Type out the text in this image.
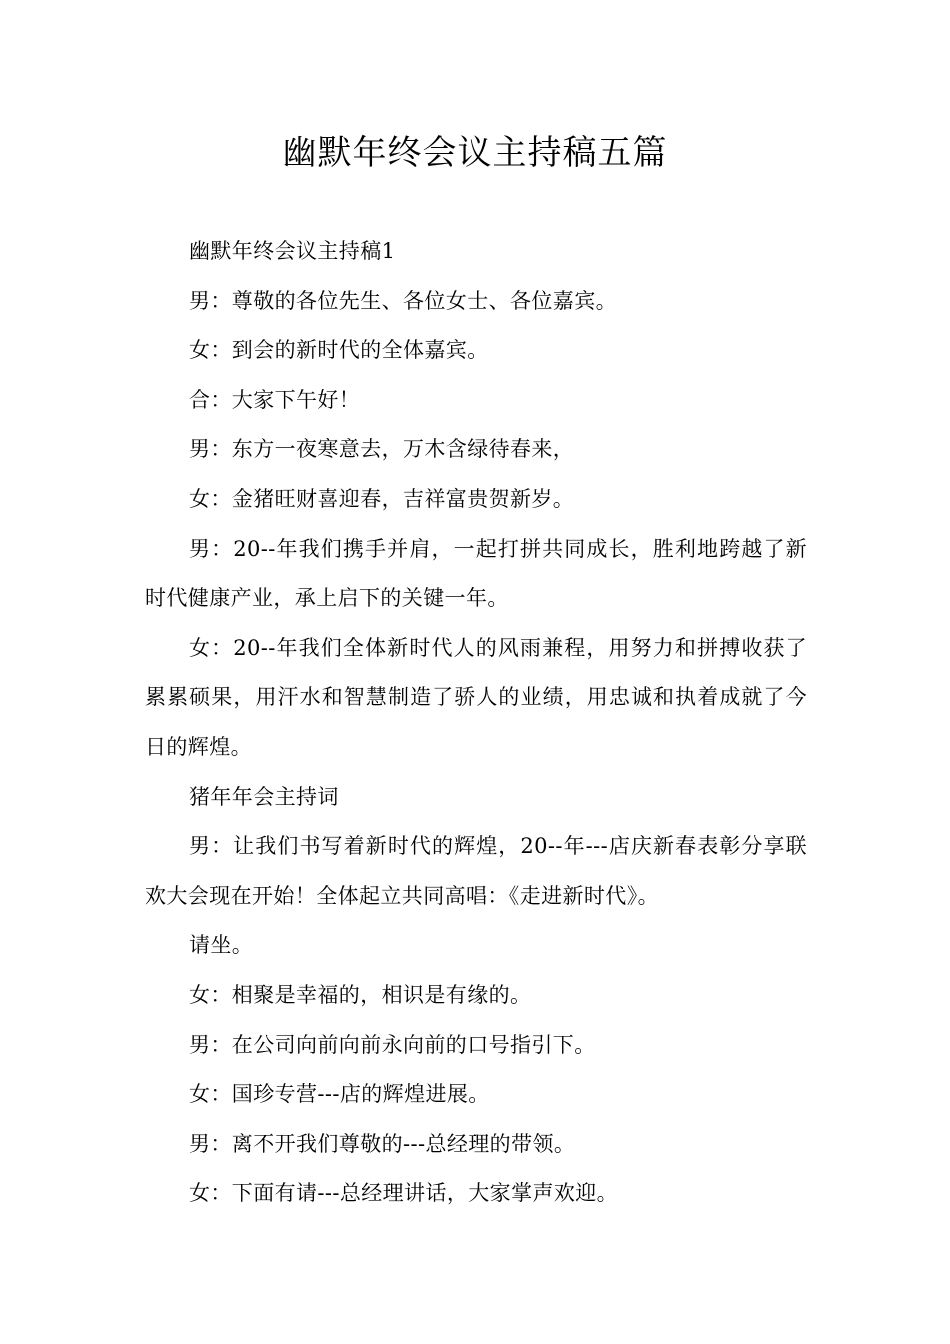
幽默年终会议主持稿五篇

幽默年终会议主持稿1

男：尊敬的各位先生、各位女士、各位嘉宾。

女：到会的新时代的全体嘉宾。

合：大家下午好！

男：东方一夜寒意去，万木含绿待春来，

女：金猪旺财喜迎春，吉祥富贵贺新岁。

男：20--年我们携手并肩，一起打拼共同成长，胜利地跨越了新时代健康产业，承上启下的关键一年。

女：20--年我们全体新时代人的风雨兼程，用努力和拼搏收获了累累硕果，用汗水和智慧制造了骄人的业绩，用忠诚和执着成就了今日的辉煌。

猪年年会主持词

男：让我们书写着新时代的辉煌，20--年---店庆新春表彰分享联欢大会现在开始！全体起立共同高唱：《走进新时代》。

请坐。

女：相聚是幸福的，相识是有缘的。

男：在公司向前向前永向前的口号指引下。

女：国珍专营---店的辉煌进展。

男：离不开我们尊敬的---总经理的带领。

女：下面有请---总经理讲话，大家掌声欢迎。
